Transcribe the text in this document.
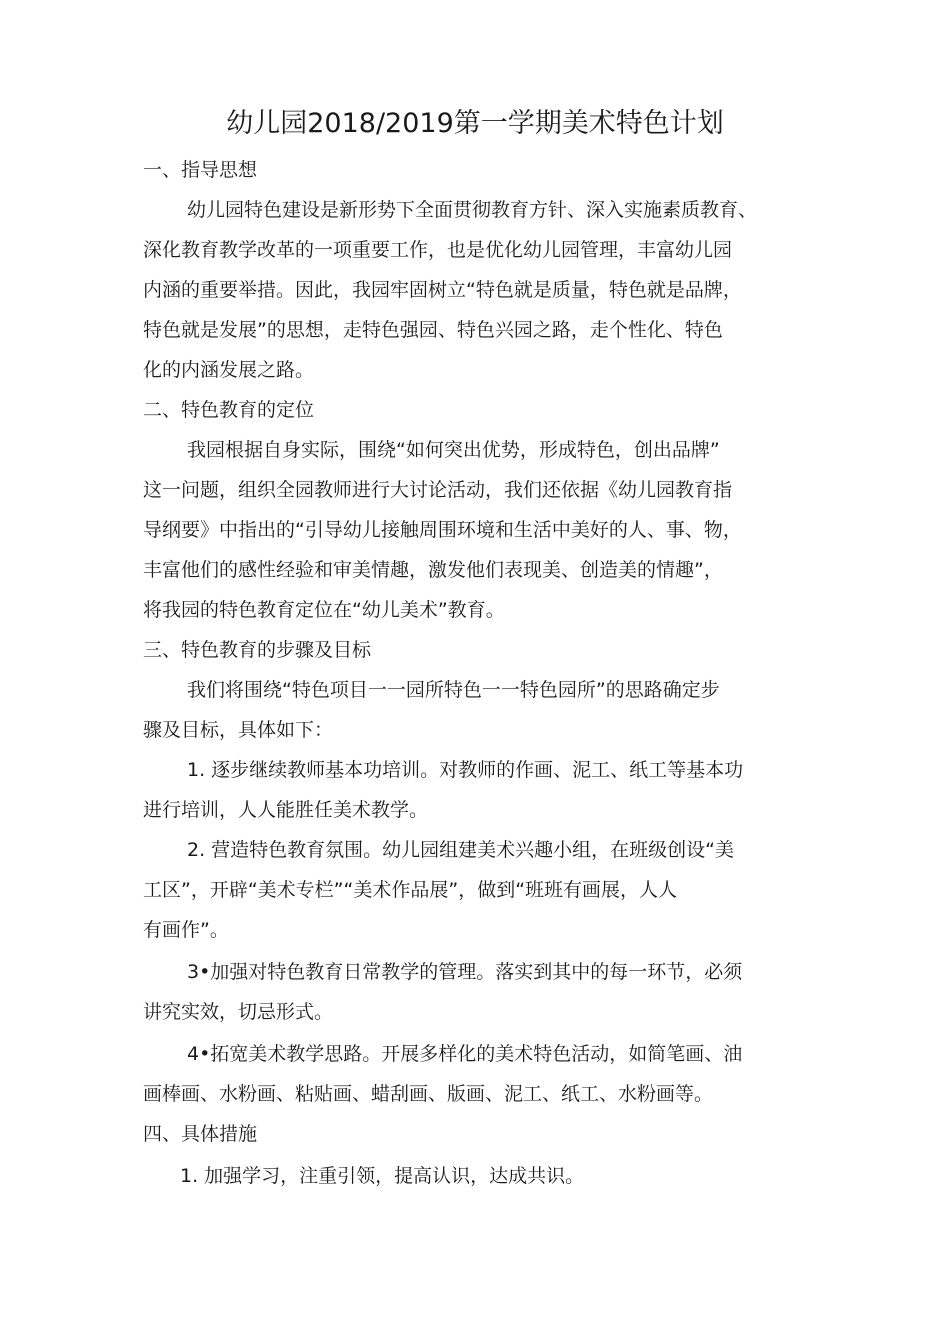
幼儿园2018/2019第一学期美术特色计划
一、指导思想
幼儿园特色建设是新形势下全面贯彻教育方针、深入实施素质教育、
深化教育教学改革的一项重要工作，也是优化幼儿园管理，丰富幼儿园
内涵的重要举措。因此，我园牢固树立“特色就是质量，特色就是品牌，
特色就是发展”的思想，走特色强园、特色兴园之路，走个性化、特色
化的内涵发展之路。
二、特色教育的定位
我园根据自身实际，围绕“如何突出优势，形成特色，创出品牌”
这一问题，组织全园教师进行大讨论活动，我们还依据《幼儿园教育指
导纲要》中指出的“引导幼儿接触周围环境和生活中美好的人、事、物，
丰富他们的感性经验和审美情趣，激发他们表现美、创造美的情趣”，
将我园的特色教育定位在“幼儿美术”教育。
三、特色教育的步骤及目标
我们将围绕“特色项目一一园所特色一一特色园所”的思路确定步
骤及目标，具体如下：
1. 逐步继续教师基本功培训。对教师的作画、泥工、纸工等基本功
进行培训，人人能胜任美术教学。
2. 营造特色教育氛围。幼儿园组建美术兴趣小组，在班级创设“美
工区”，开辟“美术专栏”“美术作品展”，做到“班班有画展，人人
有画作”。
3•加强对特色教育日常教学的管理。落实到其中的每一环节，必须
讲究实效，切忌形式。
4•拓宽美术教学思路。开展多样化的美术特色活动，如简笔画、油
画棒画、水粉画、粘贴画、蜡刮画、版画、泥工、纸工、水粉画等。
四、具体措施
1. 加强学习，注重引领，提高认识，达成共识。
